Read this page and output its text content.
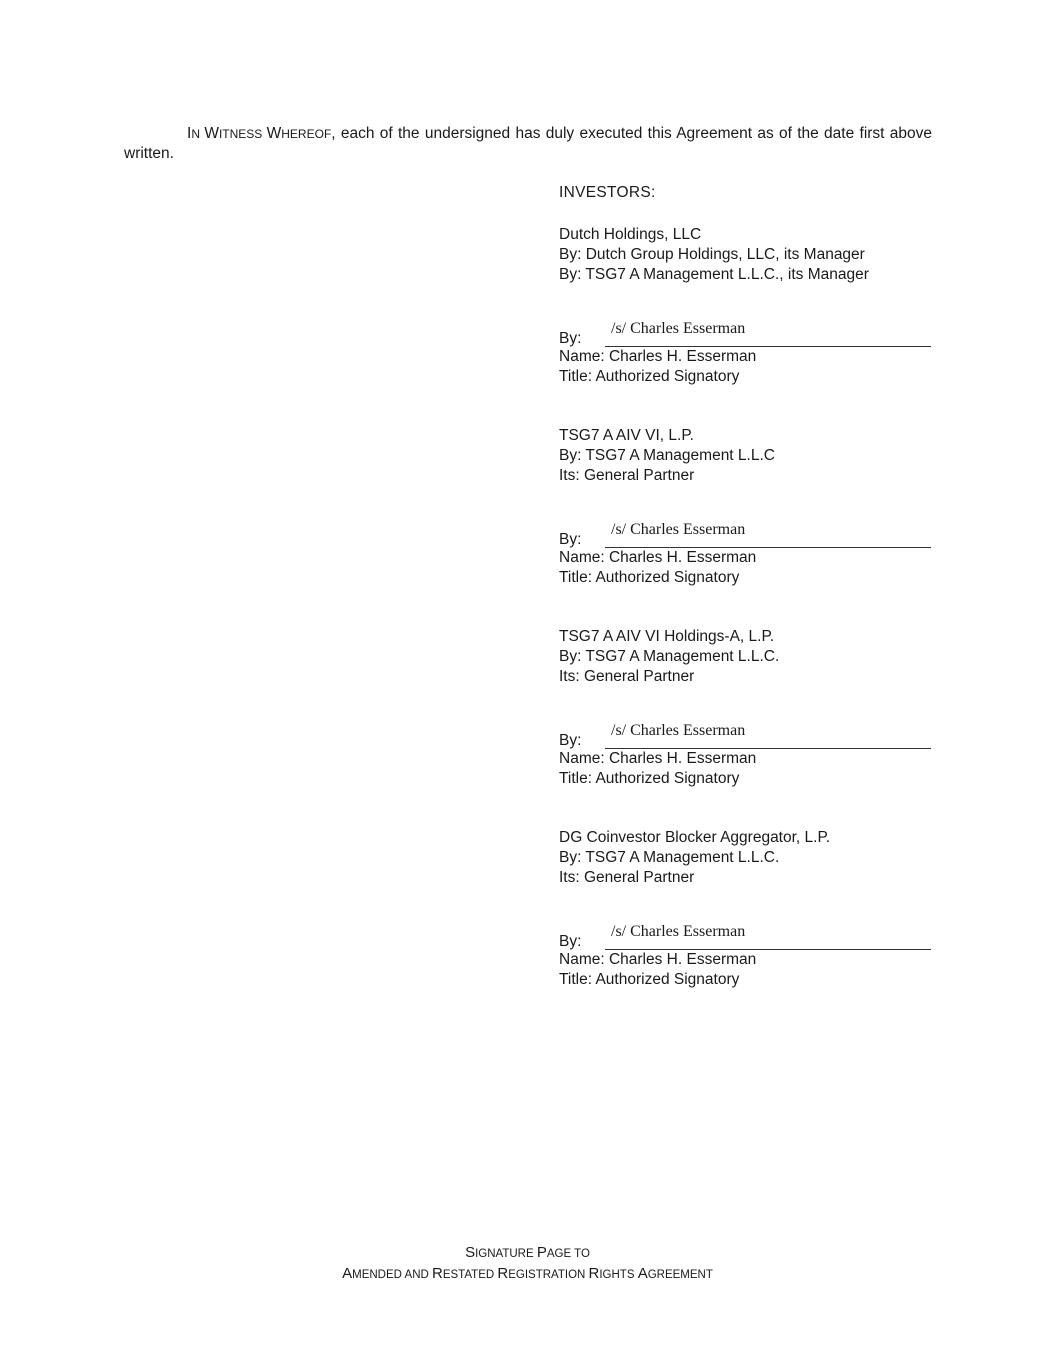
IN WITNESS WHEREOF, each of the undersigned has duly executed this Agreement as of the date first above written.

INVESTORS:
Dutch Holdings, LLC
By: Dutch Group Holdings, LLC, its Manager
By: TSG7 A Management L.L.C., its Manager
By:
/s/ Charles Esserman
Name: Charles H. Esserman
Title: Authorized Signatory
TSG7 A AIV VI, L.P.
By: TSG7 A Management L.L.C
Its: General Partner
By:
/s/ Charles Esserman
Name: Charles H. Esserman
Title: Authorized Signatory
TSG7 A AIV VI Holdings-A, L.P.
By: TSG7 A Management L.L.C.
Its: General Partner
By:
/s/ Charles Esserman
Name: Charles H. Esserman
Title: Authorized Signatory
DG Coinvestor Blocker Aggregator, L.P.
By: TSG7 A Management L.L.C.
Its: General Partner
By:
/s/ Charles Esserman
Name: Charles H. Esserman
Title: Authorized Signatory
SIGNATURE PAGE TO
AMENDED AND RESTATED REGISTRATION RIGHTS AGREEMENT
